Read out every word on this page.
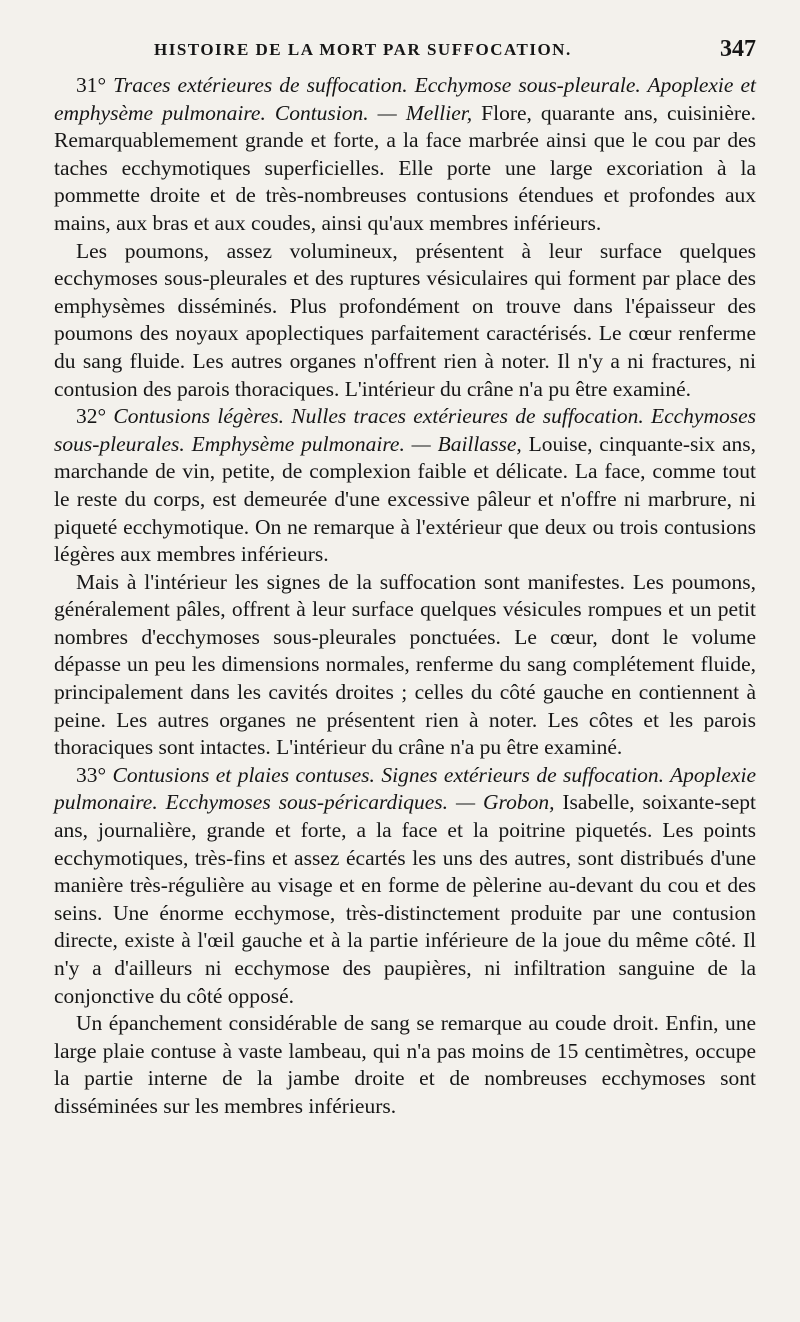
HISTOIRE DE LA MORT PAR SUFFOCATION.	347

31° Traces extérieures de suffocation. Ecchymose sous-pleurale. Apoplexie et emphysème pulmonaire. Contusion. — Mellier, Flore, quarante ans, cuisinière. Remarquablemement grande et forte, a la face marbrée ainsi que le cou par des taches ecchymotiques superficielles. Elle porte une large excoriation à la pommette droite et de très-nombreuses contusions étendues et profondes aux mains, aux bras et aux coudes, ainsi qu'aux membres inférieurs.

Les poumons, assez volumineux, présentent à leur surface quelques ecchymoses sous-pleurales et des ruptures vésiculaires qui forment par place des emphysèmes disséminés. Plus profondément on trouve dans l'épaisseur des poumons des noyaux apoplectiques parfaitement caractérisés. Le cœur renferme du sang fluide. Les autres organes n'offrent rien à noter. Il n'y a ni fractures, ni contusion des parois thoraciques. L'intérieur du crâne n'a pu être examiné.

32° Contusions légères. Nulles traces extérieures de suffocation. Ecchymoses sous-pleurales. Emphysème pulmonaire. — Baillasse, Louise, cinquante-six ans, marchande de vin, petite, de complexion faible et délicate. La face, comme tout le reste du corps, est demeurée d'une excessive pâleur et n'offre ni marbrure, ni piqueté ecchymotique. On ne remarque à l'extérieur que deux ou trois contusions légères aux membres inférieurs.

Mais à l'intérieur les signes de la suffocation sont manifestes. Les poumons, généralement pâles, offrent à leur surface quelques vésicules rompues et un petit nombres d'ecchymoses sous-pleurales ponctuées. Le cœur, dont le volume dépasse un peu les dimensions normales, renferme du sang complétement fluide, principalement dans les cavités droites ; celles du côté gauche en contiennent à peine. Les autres organes ne présentent rien à noter. Les côtes et les parois thoraciques sont intactes. L'intérieur du crâne n'a pu être examiné.

33° Contusions et plaies contuses. Signes extérieurs de suffocation. Apoplexie pulmonaire. Ecchymoses sous-péricardiques. — Grobon, Isabelle, soixante-sept ans, journalière, grande et forte, a la face et la poitrine piquetés. Les points ecchymotiques, très-fins et assez écartés les uns des autres, sont distribués d'une manière très-régulière au visage et en forme de pèlerine au-devant du cou et des seins. Une énorme ecchymose, très-distinctement produite par une contusion directe, existe à l'œil gauche et à la partie inférieure de la joue du même côté. Il n'y a d'ailleurs ni ecchymose des paupières, ni infiltration sanguine de la conjonctive du côté opposé.

Un épanchement considérable de sang se remarque au coude droit. Enfin, une large plaie contuse à vaste lambeau, qui n'a pas moins de 15 centimètres, occupe la partie interne de la jambe droite et de nombreuses ecchymoses sont disséminées sur les membres inférieurs.
